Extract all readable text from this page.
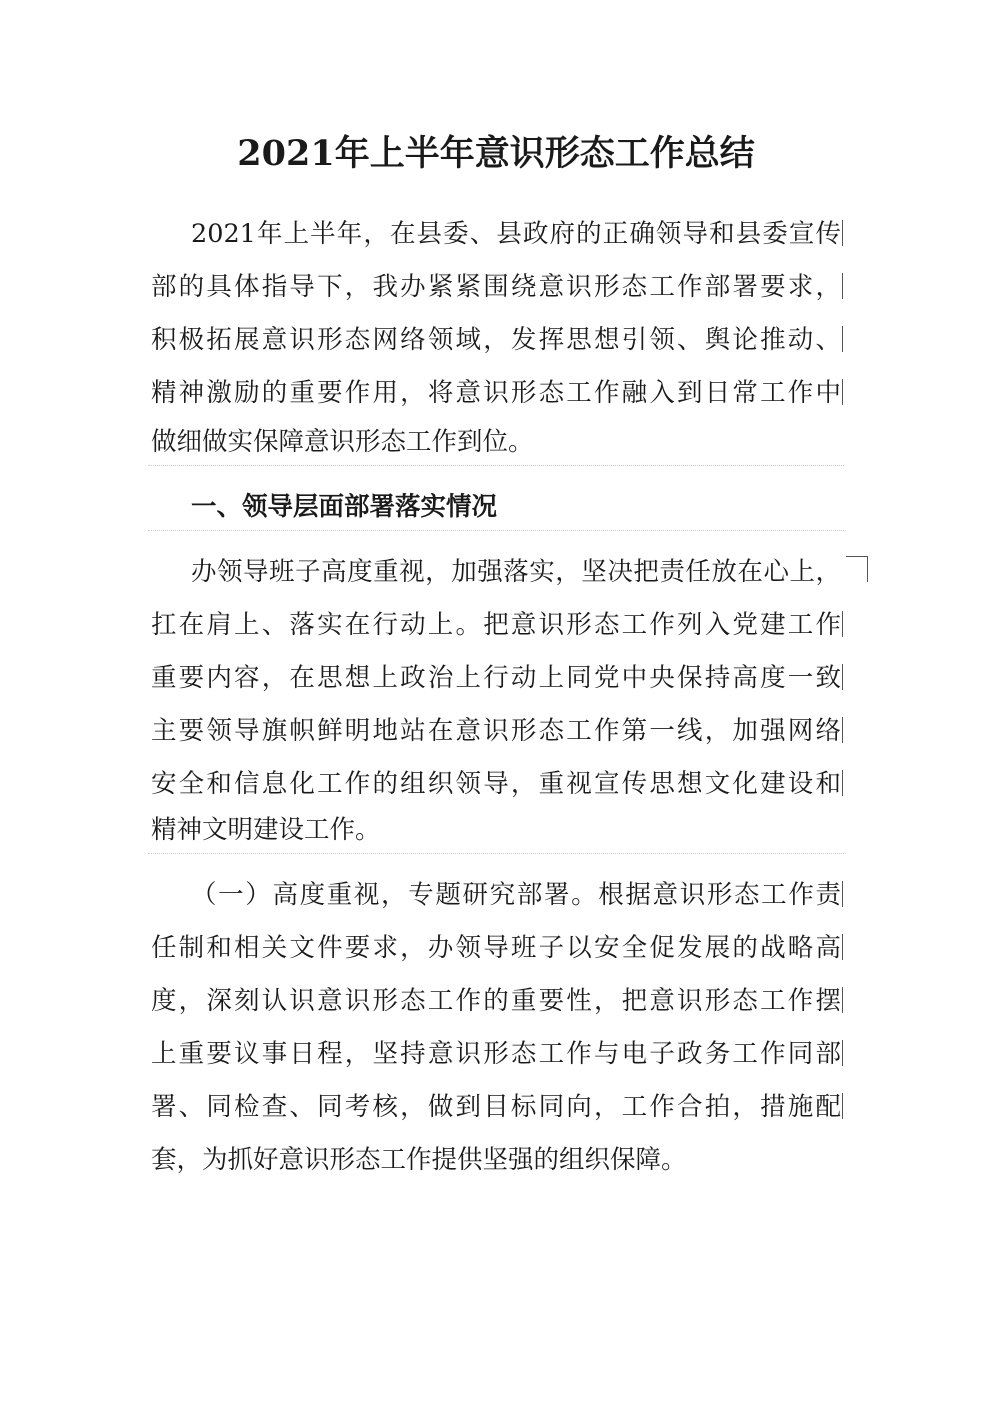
2021年上半年意识形态工作总结
2021年上半年，在县委、县政府的正确领导和县委宣传
部的具体指导下，我办紧紧围绕意识形态工作部署要求，
积极拓展意识形态网络领域，发挥思想引领、舆论推动、
精神激励的重要作用，将意识形态工作融入到日常工作中
做细做实保障意识形态工作到位。
一、领导层面部署落实情况
办领导班子高度重视，加强落实，坚决把责任放在心上，
扛在肩上、落实在行动上。把意识形态工作列入党建工作
重要内容，在思想上政治上行动上同党中央保持高度一致
主要领导旗帜鲜明地站在意识形态工作第一线，加强网络
安全和信息化工作的组织领导，重视宣传思想文化建设和
精神文明建设工作。
（一）高度重视，专题研究部署。根据意识形态工作责
任制和相关文件要求，办领导班子以安全促发展的战略高
度，深刻认识意识形态工作的重要性，把意识形态工作摆
上重要议事日程，坚持意识形态工作与电子政务工作同部
署、同检查、同考核，做到目标同向，工作合拍，措施配
套，为抓好意识形态工作提供坚强的组织保障。
